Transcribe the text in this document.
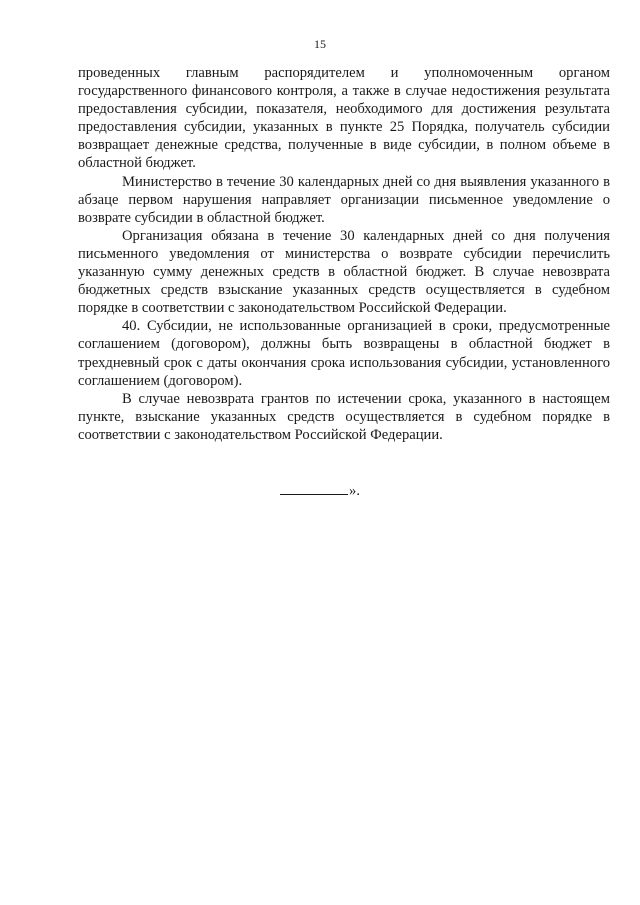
15

проведенных главным распорядителем и уполномоченным органом государственного финансового контроля, а также в случае недостижения результата предоставления субсидии, показателя, необходимого для достижения результата предоставления субсидии, указанных в пункте 25 Порядка, получатель субсидии возвращает денежные средства, полученные в виде субсидии, в полном объеме в областной бюджет.

Министерство в течение 30 календарных дней со дня выявления указанного в абзаце первом нарушения направляет организации письменное уведомление о возврате субсидии в областной бюджет.

Организация обязана в течение 30 календарных дней со дня получения письменного уведомления от министерства о возврате субсидии перечислить указанную сумму денежных средств в областной бюджет. В случае невозврата бюджетных средств взыскание указанных средств осуществляется в судебном порядке в соответствии с законодательством Российской Федерации.

40. Субсидии, не использованные организацией в сроки, предусмотренные соглашением (договором), должны быть возвращены в областной бюджет в трехдневный срок с даты окончания срока использования субсидии, установленного соглашением (договором).

В случае невозврата грантов по истечении срока, указанного в настоящем пункте, взыскание указанных средств осуществляется в судебном порядке в соответствии с законодательством Российской Федерации.

».
